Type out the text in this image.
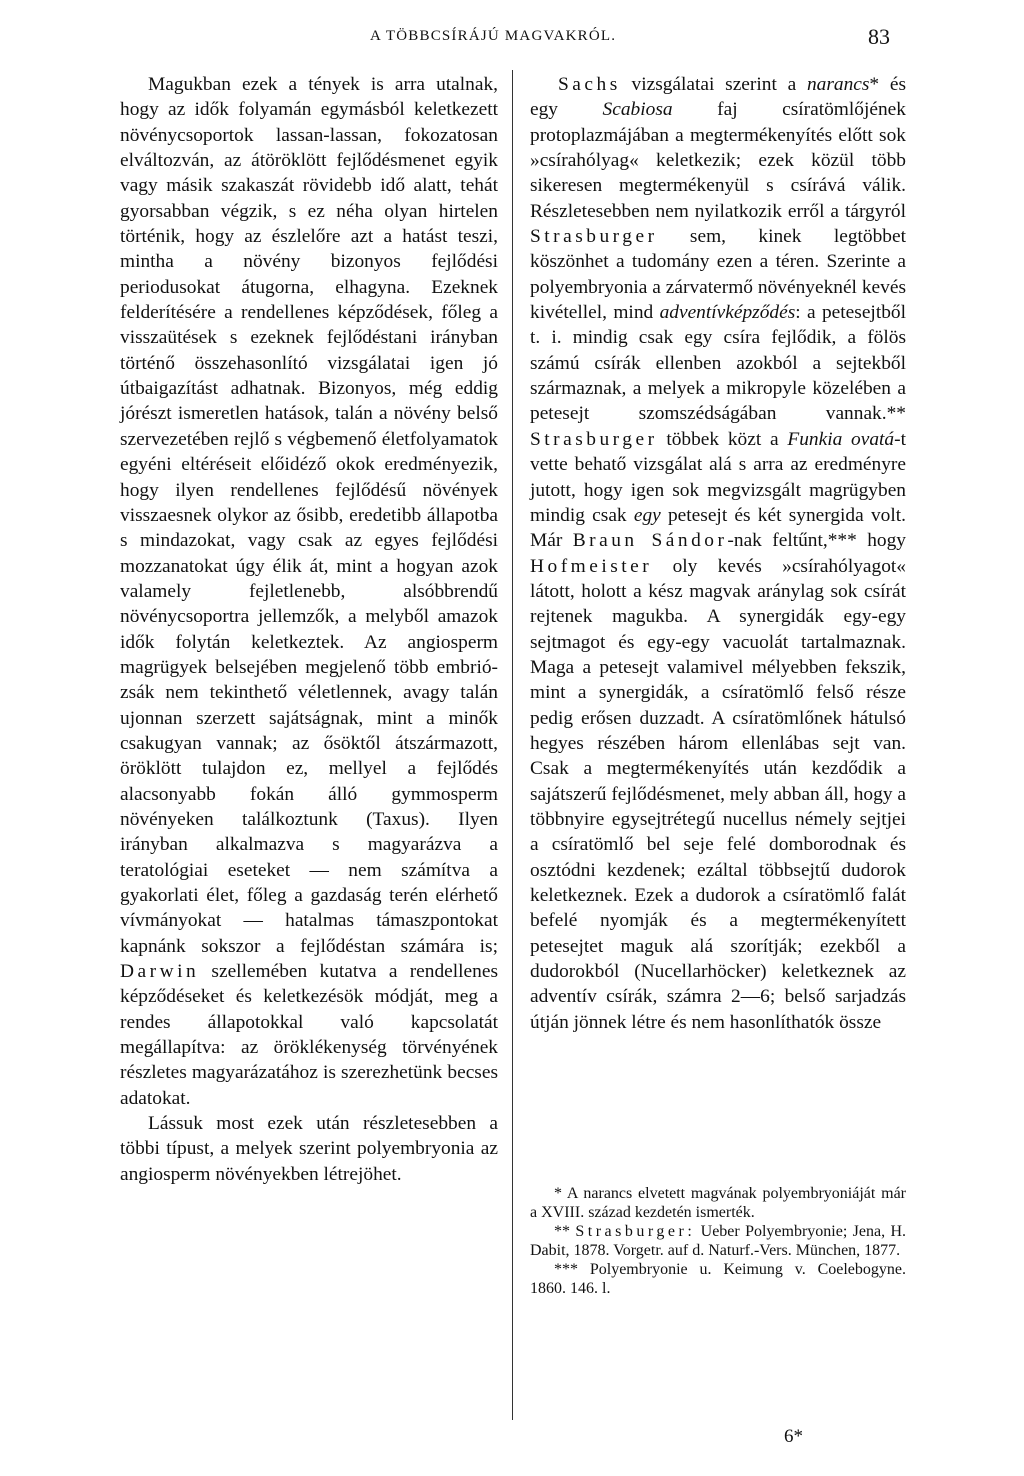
A TÖBBCSÍRÁJÚ MAGVAKRÓL.	83

Magukban ezek a tények is arra utalnak, hogy az idők folyamán egymásból keletkezett növénycsoportok lassan-lassan, fokozatosan elváltozván, az átöröklött fejlődésmenet egyik vagy másik szakaszát rövidebb idő alatt, tehát gyorsabban végzik, s ez néha olyan hirtelen történik, hogy az észlelőre azt a hatást teszi, mintha a növény bizonyos fejlődési periodusokat átugorna, elhagyna. Ezeknek felderítésére a rendellenes képződések, főleg a visszaütések s ezeknek fejlődéstani irányban történő összehasonlító vizsgálatai igen jó útbaigazítást adhatnak. Bizonyos, még eddig jórészt ismeretlen hatások, talán a növény belső szervezetében rejlő s végbemenő életfolyamatok egyéni eltéréseit előidéző okok eredményezik, hogy ilyen rendellenes fejlődésű növények visszaesnek olykor az ősibb, eredetibb állapotba s mindazokat, vagy csak az egyes fejlődési mozzanatokat úgy élik át, mint a hogyan azok valamely fejletlenebb, alsóbbrendű növénycsoportra jellemzők, a melyből amazok idők folytán keletkeztek. Az angiosperm magrügyek belsejében megjelenő több embrió-zsák nem tekinthető véletlennek, avagy talán ujonnan szerzett sajátságnak, mint a minők csakugyan vannak; az ősöktől átszármazott, öröklött tulajdon ez, mellyel a fejlődés alacsonyabb fokán álló gymmosperm növényeken találkoztunk (Taxus). Ilyen irányban alkalmazva s magyarázva a teratológiai eseteket — nem számítva a gyakorlati élet, főleg a gazdaság terén elérhető vívmányokat — hatalmas támaszpontokat kapnánk sokszor a fejlődéstan számára is; Darwin szellemében kutatva a rendellenes képződéseket és keletkezésök módját, meg a rendes állapotokkal való kapcsolatát megállapítva: az öröklékenység törvényének részletes magyarázatához is szerezhetünk becses adatokat.

Lássuk most ezek után részletesebben a többi típust, a melyek szerint polyembryonia az angiosperm növényekben létrejöhet.

Sachs vizsgálatai szerint a narancs* és egy Scabiosa faj csíratömlőjének protoplazmájában a megtermékenyítés előtt sok »csírahólyag« keletkezik; ezek közül több sikeresen megtermékenyül s csírává válik. Részletesebben nem nyilatkozik erről a tárgyról Strasburger sem, kinek legtöbbet köszönhet a tudomány ezen a téren. Szerinte a polyembryonia a zárvatermő növényeknél kevés kivétellel, mind adventívképződés: a petesejtből t. i. mindig csak egy csíra fejlődik, a fölös számú csírák ellenben azokból a sejtekből származnak, a melyek a mikropyle közelében a petesejt szomszédságában vannak.** Strasburger többek közt a Funkia ovatá-t vette behatő vizsgálat alá s arra az eredményre jutott, hogy igen sok megvizsgált magrügyben mindig csak egy petesejt és két synergida volt. Már Braun Sándor-nak feltűnt,*** hogy Hofmeister oly kevés »csírahólyagot« látott, holott a kész magvak aránylag sok csírát rejtenek magukba. A synergidák egy-egy sejtmagot és egy-egy vacuolát tartalmaznak. Maga a petesejt valamivel mélyebben fekszik, mint a synergidák, a csíratömlő felső része pedig erősen duzzadt. A csíratömlőnek hátulsó hegyes részében három ellenlábas sejt van. Csak a megtermékenyítés után kezdődik a sajátszerű fejlődésmenet, mely abban áll, hogy a többnyire egysejtrétegű nucellus némely sejtjei a csíratömlő bel seje felé domborodnak és osztódni kezdenek; ezáltal többsejtű dudorok keletkeznek. Ezek a dudorok a csíratömlő falát befelé nyomják és a megtermékenyített petesejtet maguk alá szorítják; ezekből a dudorokból (Nucellarhöcker) keletkeznek az adventív csírák, számra 2—6; belső sarjadzás útján jönnek létre és nem hasonlíthatók össze

* A narancs elvetett magvának polyembryoniáját már a XVIII. század kezdetén ismerték.

** Strasburger: Ueber Polyembryonie; Jena, H. Dabit, 1878. Vorgetr. auf d. Naturf.-Vers. München, 1877.

*** Polyembryonie u. Keimung v. Coelebogyne. 1860. 146. l.

6*
